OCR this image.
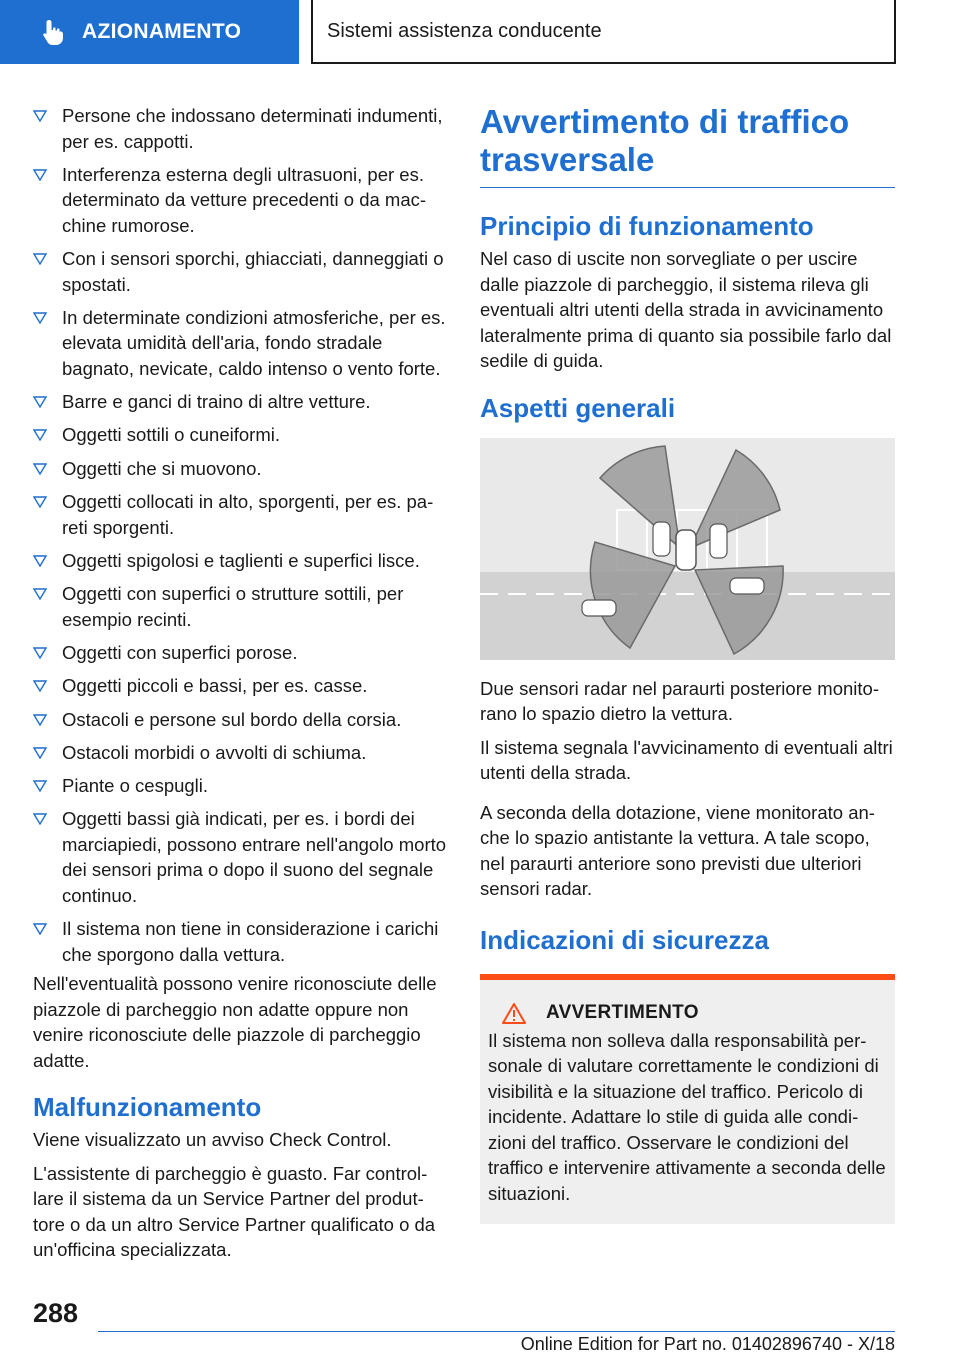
AZIONAMENTO	Sistemi assistenza conducente
Persone che indossano determinati indumenti, per es. cappotti.
Interferenza esterna degli ultrasuoni, per es. determinato da vetture precedenti o da macchine rumorose.
Con i sensori sporchi, ghiacciati, danneggiati o spostati.
In determinate condizioni atmosferiche, per es. elevata umidità dell'aria, fondo stradale bagnato, nevicate, caldo intenso o vento forte.
Barre e ganci di traino di altre vetture.
Oggetti sottili o cuneiformi.
Oggetti che si muovono.
Oggetti collocati in alto, sporgenti, per es. pareti sporgenti.
Oggetti spigolosi e taglienti e superfici lisce.
Oggetti con superfici o strutture sottili, per esempio recinti.
Oggetti con superfici porose.
Oggetti piccoli e bassi, per es. casse.
Ostacoli e persone sul bordo della corsia.
Ostacoli morbidi o avvolti di schiuma.
Piante o cespugli.
Oggetti bassi già indicati, per es. i bordi dei marciapiedi, possono entrare nell'angolo morto dei sensori prima o dopo il suono del segnale continuo.
Il sistema non tiene in considerazione i carichi che sporgono dalla vettura.

Nell'eventualità possono venire riconosciute delle piazzole di parcheggio non adatte oppure non venire riconosciute delle piazzole di parcheggio adatte.

Malfunzionamento

Viene visualizzato un avviso Check Control.

L'assistente di parcheggio è guasto. Far controllare il sistema da un Service Partner del produttore o da un altro Service Partner qualificato o da un'officina specializzata.

Avvertimento di traffico trasversale
Principio di funzionamento

Nel caso di uscite non sorvegliate o per uscire dalle piazzole di parcheggio, il sistema rileva gli eventuali altri utenti della strada in avvicinamento lateralmente prima di quanto sia possibile farlo dal sedile di guida.

Aspetti generali

Due sensori radar nel paraurti posteriore monitorano lo spazio dietro la vettura.

Il sistema segnala l'avvicinamento di eventuali altri utenti della strada.

A seconda della dotazione, viene monitorato anche lo spazio antistante la vettura. A tale scopo, nel paraurti anteriore sono previsti due ulteriori sensori radar.

Indicazioni di sicurezza
AVVERTIMENTO

Il sistema non solleva dalla responsabilità personale di valutare correttamente le condizioni di visibilità e la situazione del traffico. Pericolo di incidente. Adattare lo stile di guida alle condizioni del traffico. Osservare le condizioni del traffico e intervenire attivamente a seconda delle situazioni.

288
Online Edition for Part no. 01402896740 - X/18
